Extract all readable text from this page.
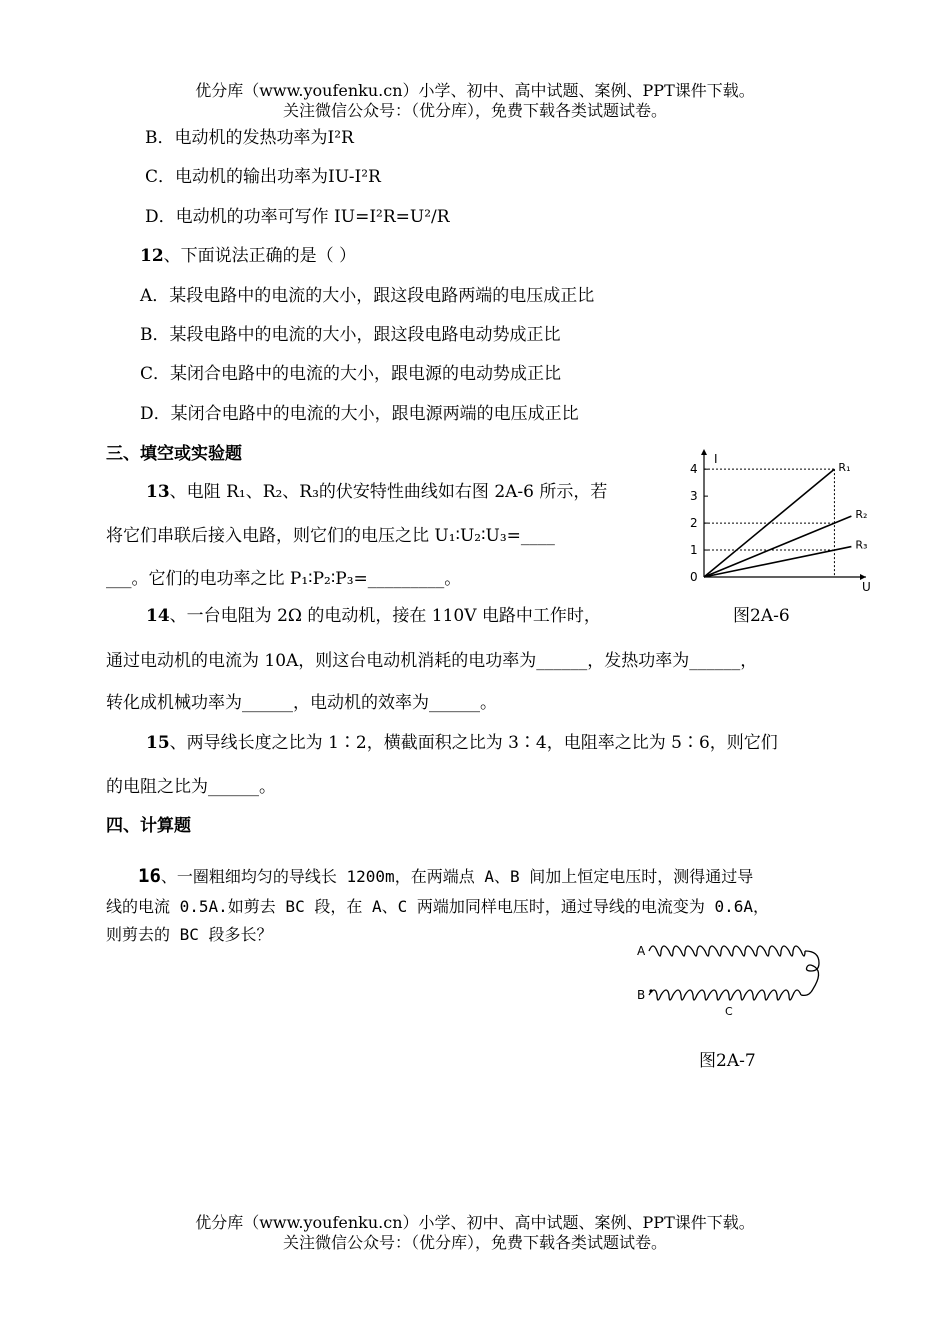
优分库（www.youfenku.cn）小学、初中、高中试题、案例、PPT课件下载。
关注微信公众号：（优分库），免费下载各类试题试卷。
B．电动机的发热功率为I²R
C．电动机的输出功率为IU-I²R
D．电动机的功率可写作 IU=I²R=U²/R
12、下面说法正确的是（ ）
A．某段电路中的电流的大小，跟这段电路两端的电压成正比
B．某段电路中的电流的大小，跟这段电路电动势成正比
C．某闭合电路中的电流的大小，跟电源的电动势成正比
D．某闭合电路中的电流的大小，跟电源两端的电压成正比
三、填空或实验题
13、电阻 R₁、R₂、R₃的伏安特性曲线如右图 2A-6 所示，若
将它们串联后接入电路，则它们的电压之比 U₁∶U₂∶U₃=____
___。它们的电功率之比 P₁∶P₂∶P₃=_________。
I
U
0
1
2
3
4	R₁
R₂
R₃
图2A-6
14、一台电阻为 2Ω 的电动机，接在 110V 电路中工作时，
通过电动机的电流为 10A，则这台电动机消耗的电功率为______，发热功率为______，
转化成机械功率为______，电动机的效率为______。
15、两导线长度之比为 1∶2，横截面积之比为 3∶4，电阻率之比为 5∶6，则它们
的电阻之比为______。
四、计算题
16、一圈粗细均匀的导线长 1200m，在两端点 A、B 间加上恒定电压时，测得通过导
线的电流 0.5A.如剪去 BC 段，在 A、C 两端加同样电压时，通过导线的电流变为 0.6A，
则剪去的 BC 段多长？
A
B
C
图2A-7
优分库（www.youfenku.cn）小学、初中、高中试题、案例、PPT课件下载。
关注微信公众号：（优分库），免费下载各类试题试卷。
